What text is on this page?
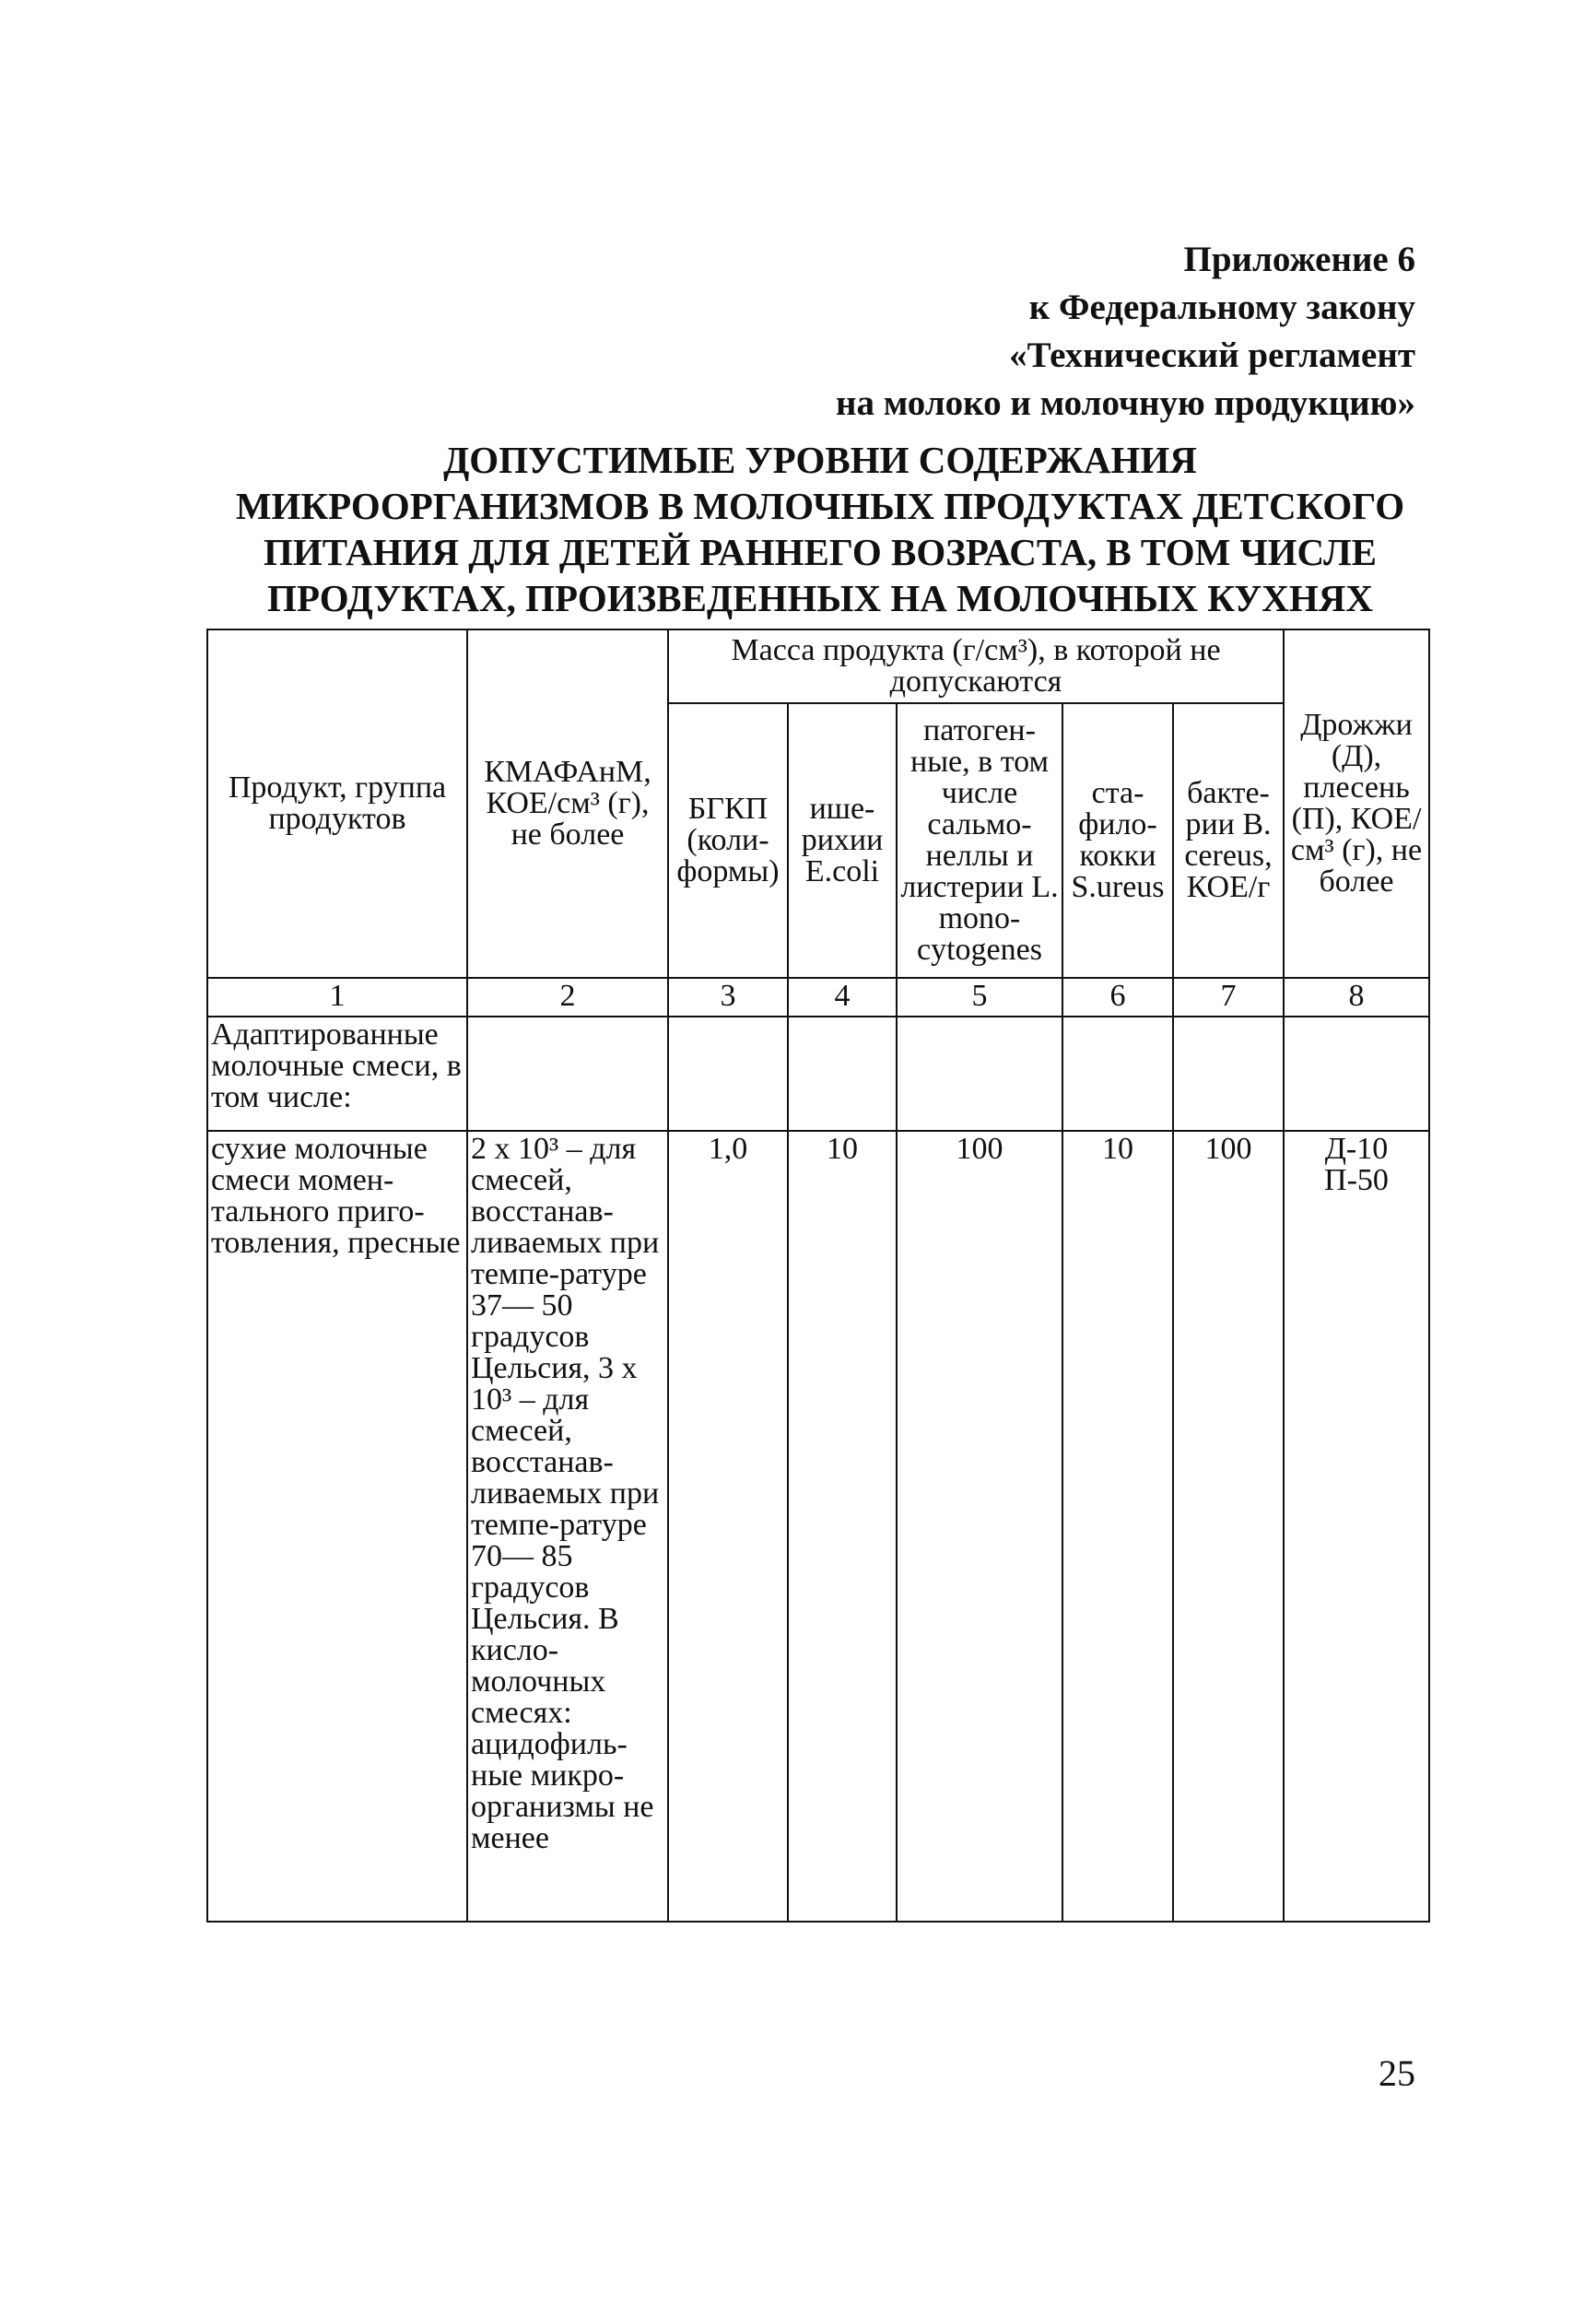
Приложение 6
к Федеральному закону
«Технический регламент
на молоко и молочную продукцию»
ДОПУСТИМЫЕ УРОВНИ СОДЕРЖАНИЯ
МИКРООРГАНИЗМОВ В МОЛОЧНЫХ ПРОДУКТАХ ДЕТСКОГО
ПИТАНИЯ ДЛЯ ДЕТЕЙ РАННЕГО ВОЗРАСТА, В ТОМ ЧИСЛЕ
ПРОДУКТАХ, ПРОИЗВЕДЕННЫХ НА МОЛОЧНЫХ КУХНЯХ
Продукт, группа продуктов	КМАФАнМ, КОЕ/см³ (г), не более	Масса продукта (г/см³), в которой не допускаются					Дрожжи (Д), плесень (П), КОЕ/см³ (г), не более
		БГКП (коли-формы)	ише-рихии E.coli	патоген-ные, в том числе сальмо-неллы и листерии L. mono-cytogenes	ста-фило-кокки S.ureus	бакте-рии B. cereus, КОЕ/г	
1	2	3	4	5	6	7	8
Адаптированные молочные смеси, в том числе:							
сухие молочные смеси момен-тального приго-товления, пресные	2 х 10³ – для смесей, восстанав-ливаемых при темпе-ратуре 37— 50 градусов Цельсия, 3 х 10³ – для смесей, восстанав-ливаемых при темпе-ратуре 70— 85 градусов Цельсия. В кисло-молочных смесях: ацидофиль-ные микро-организмы не менее	1,0	10	100	10	100	Д-10
П-50
25
